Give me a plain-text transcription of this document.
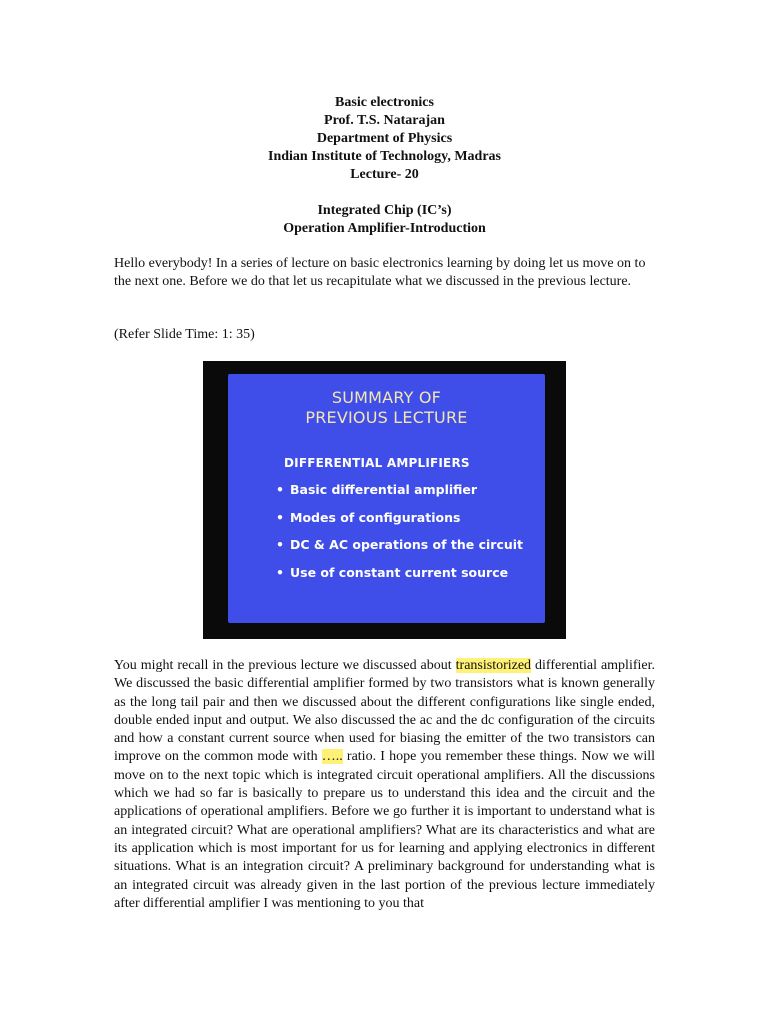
Basic electronics
Prof. T.S. Natarajan
Department of Physics
Indian Institute of Technology, Madras
Lecture- 20
Integrated Chip (IC’s)
Operation Amplifier-Introduction

Hello everybody! In a series of lecture on basic electronics learning by doing let us move on to the next one. Before we do that let us recapitulate what we discussed in the previous lecture.

(Refer Slide Time: 1: 35)

SUMMARY OF
PREVIOUS LECTURE
DIFFERENTIAL AMPLIFIERS
• Basic differential amplifier
• Modes of configurations
• DC & AC operations of the circuit
• Use of constant current source

You might recall in the previous lecture we discussed about transistorized differential amplifier. We discussed the basic differential amplifier formed by two transistors what is known generally as the long tail pair and then we discussed about the different configurations like single ended, double ended input and output. We also discussed the ac and the dc configuration of the circuits and how a constant current source when used for biasing the emitter of the two transistors can improve on the common mode with ….. ratio. I hope you remember these things. Now we will move on to the next topic which is integrated circuit operational amplifiers. All the discussions which we had so far is basically to prepare us to understand this idea and the circuit and the applications of operational amplifiers. Before we go further it is important to understand what is an integrated circuit? What are operational amplifiers? What are its characteristics and what are its application which is most important for us for learning and applying electronics in different situations. What is an integration circuit? A preliminary background for understanding what is an integrated circuit was already given in the last portion of the previous lecture immediately after differential amplifier I was mentioning to you that
